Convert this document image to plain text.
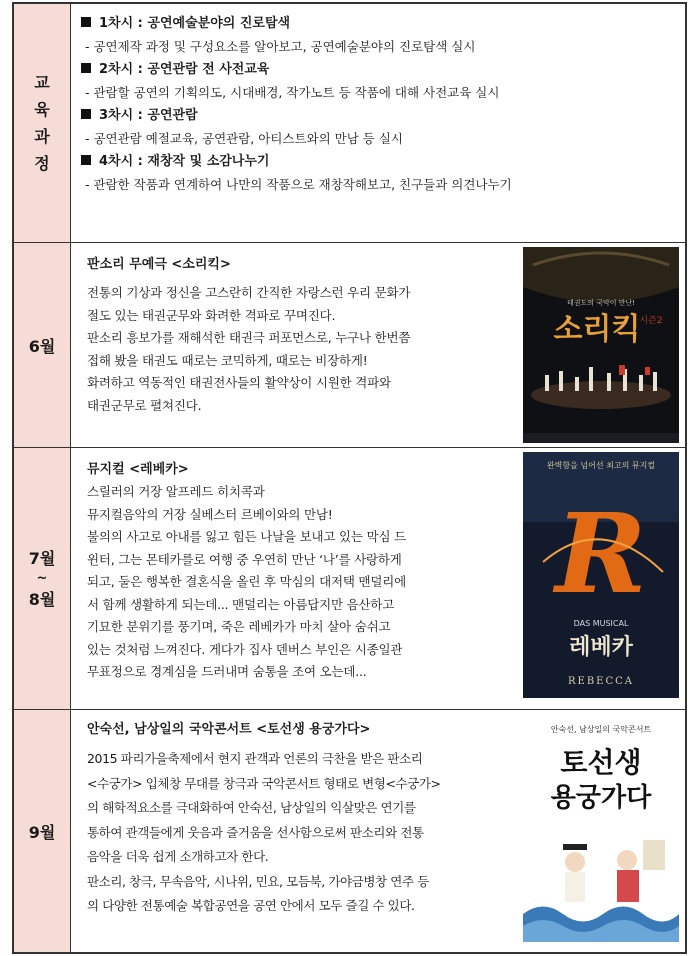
교
육
과
정
1차시 : 공연예술분야의 진로탐색
- 공연제작 과정 및 구성요소를 알아보고, 공연예술분야의 진로탐색 실시
2차시 : 공연관람 전 사전교육
- 관람할 공연의 기획의도, 시대배경, 작가노트 등 작품에 대해 사전교육 실시
3차시 : 공연관람
- 공연관람 예절교육, 공연관람, 아티스트와의 만남 등 실시
4차시 : 재창작 및 소감나누기
- 관람한 작품과 연계하여 나만의 작품으로 재창작해보고, 친구들과 의견나누기
6월
판소리 무예극 <소리킥>
전통의 기상과 정신을 고스란히 간직한 자랑스런 우리 문화가
절도 있는 태권군무와 화려한 격파로 꾸며진다.
판소리 흥보가를 재해석한 태권극 퍼포먼스로, 누구나 한번쯤
접해 봤을 태권도 때로는 코믹하게, 때로는 비장하게!
화려하고 역동적인 태권전사들의 활약상이 시원한 격파와
태권군무로 펼쳐진다.
태권도의 국악이 만난!
소리킥
시즌2
7월
~
8월
뮤지컬 <레베카>
스릴러의 거장 알프레드 히치콕과
뮤지컬음악의 거장 실베스터 르베이와의 만남!
불의의 사고로 아내를 잃고 힘든 나날을 보내고 있는 막심 드
윈터, 그는 몬테카를로 여행 중 우연히 만난 ‘나’를 사랑하게
되고, 둘은 행복한 결혼식을 올린 후 막심의 대저택 맨덜리에
서 함께 생활하게 되는데... 맨덜리는 아름답지만 음산하고
기묘한 분위기를 풍기며, 죽은 레베카가 마치 살아 숨쉬고
있는 것처럼 느껴진다. 게다가 집사 덴버스 부인은 시종일관
무표정으로 경계심을 드러내며 숨통을 조여 오는데...
완벽함을 넘어선 최고의 뮤지컬
R
DAS MUSICAL
레베카
REBECCA
9월
안숙선, 남상일의 국악콘서트 <토선생 용궁가다>
2015 파리가을축제에서 현지 관객과 언론의 극찬을 받은 판소리
<수궁가> 입체창 무대를 창극과 국악콘서트 형태로 변형<수궁가>
의 해학적요소를 극대화하여 안숙선, 남상일의 익살맞은 연기를
통하여 관객들에게 웃음과 즐거움을 선사함으로써 판소리와 전통
음악을 더욱 쉽게 소개하고자 한다.
판소리, 창극, 무속음악, 시나위, 민요, 모듬북, 가야금병창 연주 등
의 다양한 전통예술 복합공연을 공연 안에서 모두 즐길 수 있다.
안숙선, 남상일의 국악콘서트
토선생
용궁가다
